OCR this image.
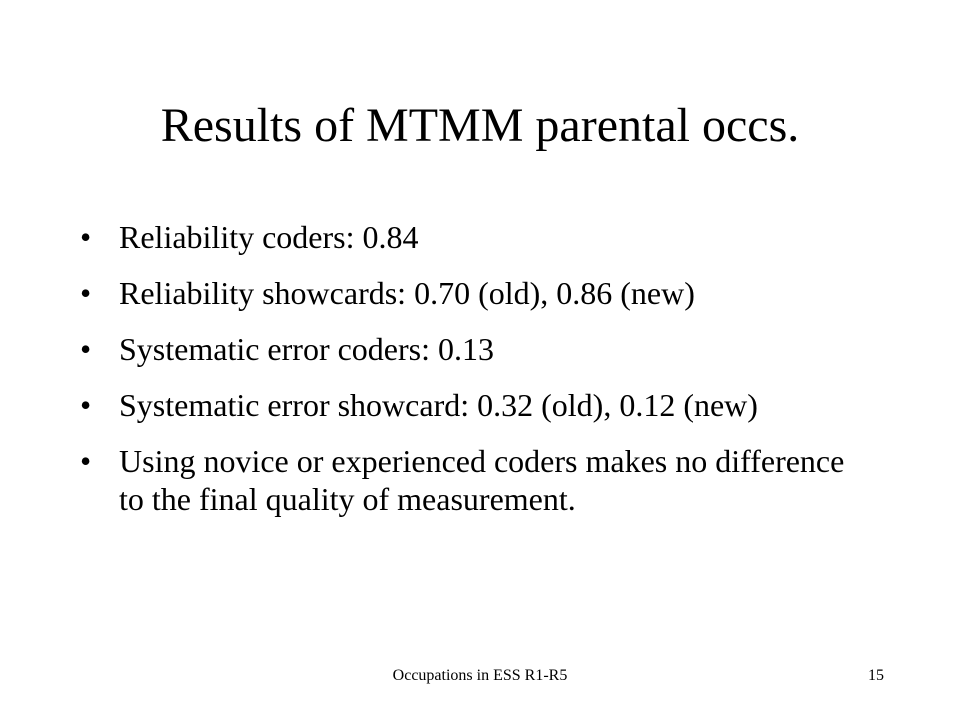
Results of MTMM parental occs.
• Reliability coders: 0.84
• Reliability showcards: 0.70 (old), 0.86 (new)
• Systematic error coders: 0.13
• Systematic error showcard: 0.32 (old), 0.12 (new)
• Using novice or experienced coders makes no difference to the final quality of measurement.
Occupations in ESS R1-R5	15
